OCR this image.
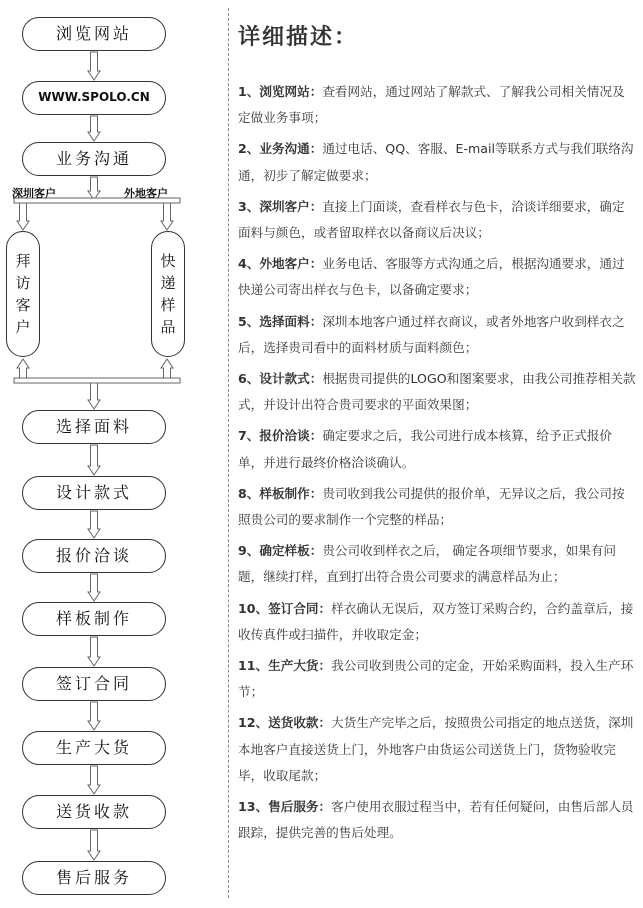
浏览网站
WWW.SPOLO.CN
业务沟通
深圳客户	外地客户
拜
访
客
户
快
递
样
品
选择面料
设计款式
报价洽谈
样板制作
签订合同
生产大货
送货收款
售后服务
详细描述：
1、浏览网站：查看网站，通过网站了解款式、了解我公司相关情况及定做业务事项；
2、业务沟通：通过电话、QQ、客服、E-mail等联系方式与我们联络沟通，初步了解定做要求；
3、深圳客户：直接上门面谈，查看样衣与色卡，洽谈详细要求，确定面料与颜色，或者留取样衣以备商议后决议；
4、外地客户：业务电话、客服等方式沟通之后，根据沟通要求，通过快递公司寄出样衣与色卡，以备确定要求；
5、选择面料：深圳本地客户通过样衣商议，或者外地客户收到样衣之后，选择贵司看中的面料材质与面料颜色；
6、设计款式：根据贵司提供的LOGO和图案要求，由我公司推荐相关款式，并设计出符合贵司要求的平面效果图；
7、报价洽谈：确定要求之后，我公司进行成本核算，给予正式报价单，并进行最终价格洽谈确认。
8、样板制作：贵司收到我公司提供的报价单，无异议之后，我公司按照贵公司的要求制作一个完整的样品；
9、确定样板：贵公司收到样衣之后， 确定各项细节要求，如果有问题，继续打样，直到打出符合贵公司要求的满意样品为止；
10、签订合同：样衣确认无误后，双方签订采购合约，合约盖章后，接收传真件或扫描件，并收取定金；
11、生产大货：我公司收到贵公司的定金，开始采购面料，投入生产环节；
12、送货收款：大货生产完毕之后，按照贵公司指定的地点送货，深圳本地客户直接送货上门，外地客户由货运公司送货上门，货物验收完毕，收取尾款；
13、售后服务：客户使用衣服过程当中，若有任何疑问，由售后部人员跟踪，提供完善的售后处理。
